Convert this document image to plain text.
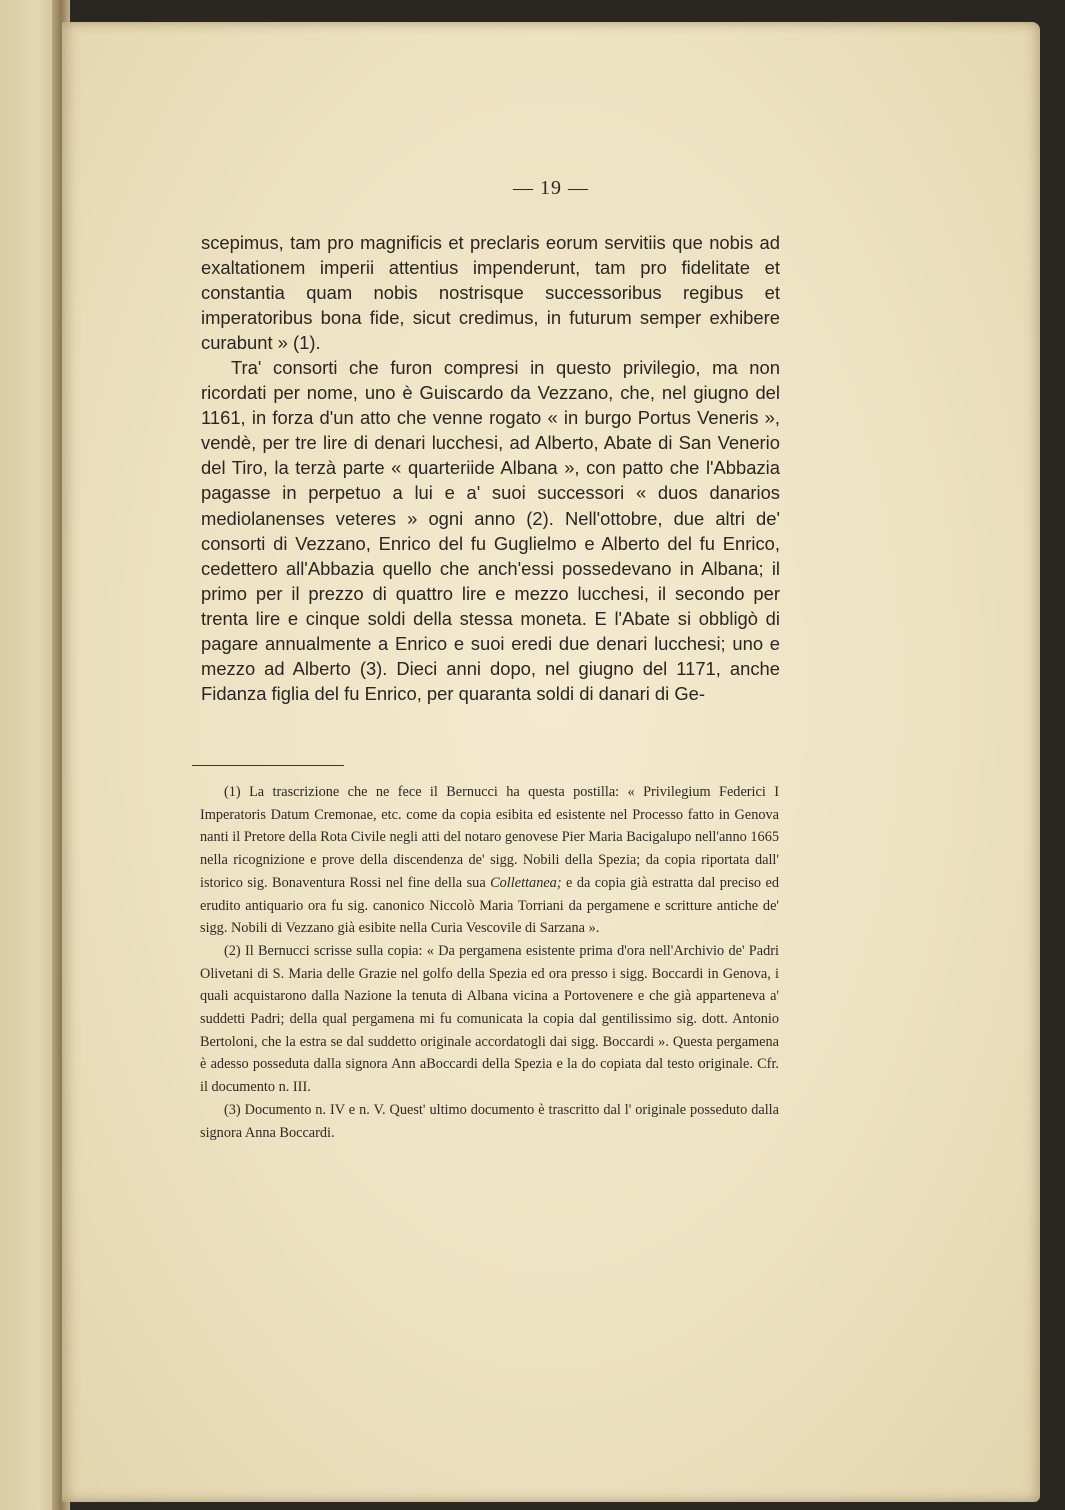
— 19 —

scepimus, tam pro magnificis et preclaris eorum servitiis que nobis ad exaltationem imperii attentius impenderunt, tam pro fidelitate et constantia quam nobis nostrisque successoribus regibus et imperatoribus bona fide, sicut credimus, in futurum semper exhibere curabunt » (1).

Tra' consorti che furon compresi in questo privilegio, ma non ricordati per nome, uno è Guiscardo da Vezzano, che, nel giugno del 1161, in forza d'un atto che venne rogato « in burgo Portus Veneris », vendè, per tre lire di denari lucchesi, ad Alberto, Abate di San Venerio del Tiro, la terzà parte « quarteriide Albana », con patto che l'Abbazia pagasse in perpetuo a lui e a' suoi successori « duos danarios mediolanenses veteres » ogni anno (2). Nell'ottobre, due altri de' consorti di Vezzano, Enrico del fu Guglielmo e Alberto del fu Enrico, cedettero all'Abbazia quello che anch'essi possedevano in Albana; il primo per il prezzo di quattro lire e mezzo lucchesi, il secondo per trenta lire e cinque soldi della stessa moneta. E l'Abate si obbligò di pagare annualmente a Enrico e suoi eredi due denari lucchesi; uno e mezzo ad Alberto (3). Dieci anni dopo, nel giugno del 1171, anche Fidanza figlia del fu Enrico, per quaranta soldi di danari di Ge-

(1) La trascrizione che ne fece il Bernucci ha questa postilla: « Privilegium Federici I Imperatoris Datum Cremonae, etc. come da copia esibita ed esistente nel Processo fatto in Genova nanti il Pretore della Rota Civile negli atti del notaro genovese Pier Maria Bacigalupo nell'anno 1665 nella ricognizione e prove della discendenza de' sigg. Nobili della Spezia; da copia riportata dall' istorico sig. Bonaventura Rossi nel fine della sua Collettanea; e da copia già estratta dal preciso ed erudito antiquario ora fu sig. canonico Niccolò Maria Torriani da pergamene e scritture antiche de' sigg. Nobili di Vezzano già esibite nella Curia Vescovile di Sarzana ».

(2) Il Bernucci scrisse sulla copia: « Da pergamena esistente prima d'ora nell'Archivio de' Padri Olivetani di S. Maria delle Grazie nel golfo della Spezia ed ora presso i sigg. Boccardi in Genova, i quali acquistarono dalla Nazione la tenuta di Albana vicina a Portovenere e che già apparteneva a' suddetti Padri; della qual pergamena mi fu comunicata la copia dal gentilissimo sig. dott. Antonio Bertoloni, che la estra se dal suddetto originale accordatogli dai sigg. Boccardi ». Questa pergamena è adesso posseduta dalla signora Ann aBoccardi della Spezia e la do copiata dal testo originale. Cfr. il documento n. III.

(3) Documento n. IV e n. V. Quest' ultimo documento è trascritto dal l' originale posseduto dalla signora Anna Boccardi.
